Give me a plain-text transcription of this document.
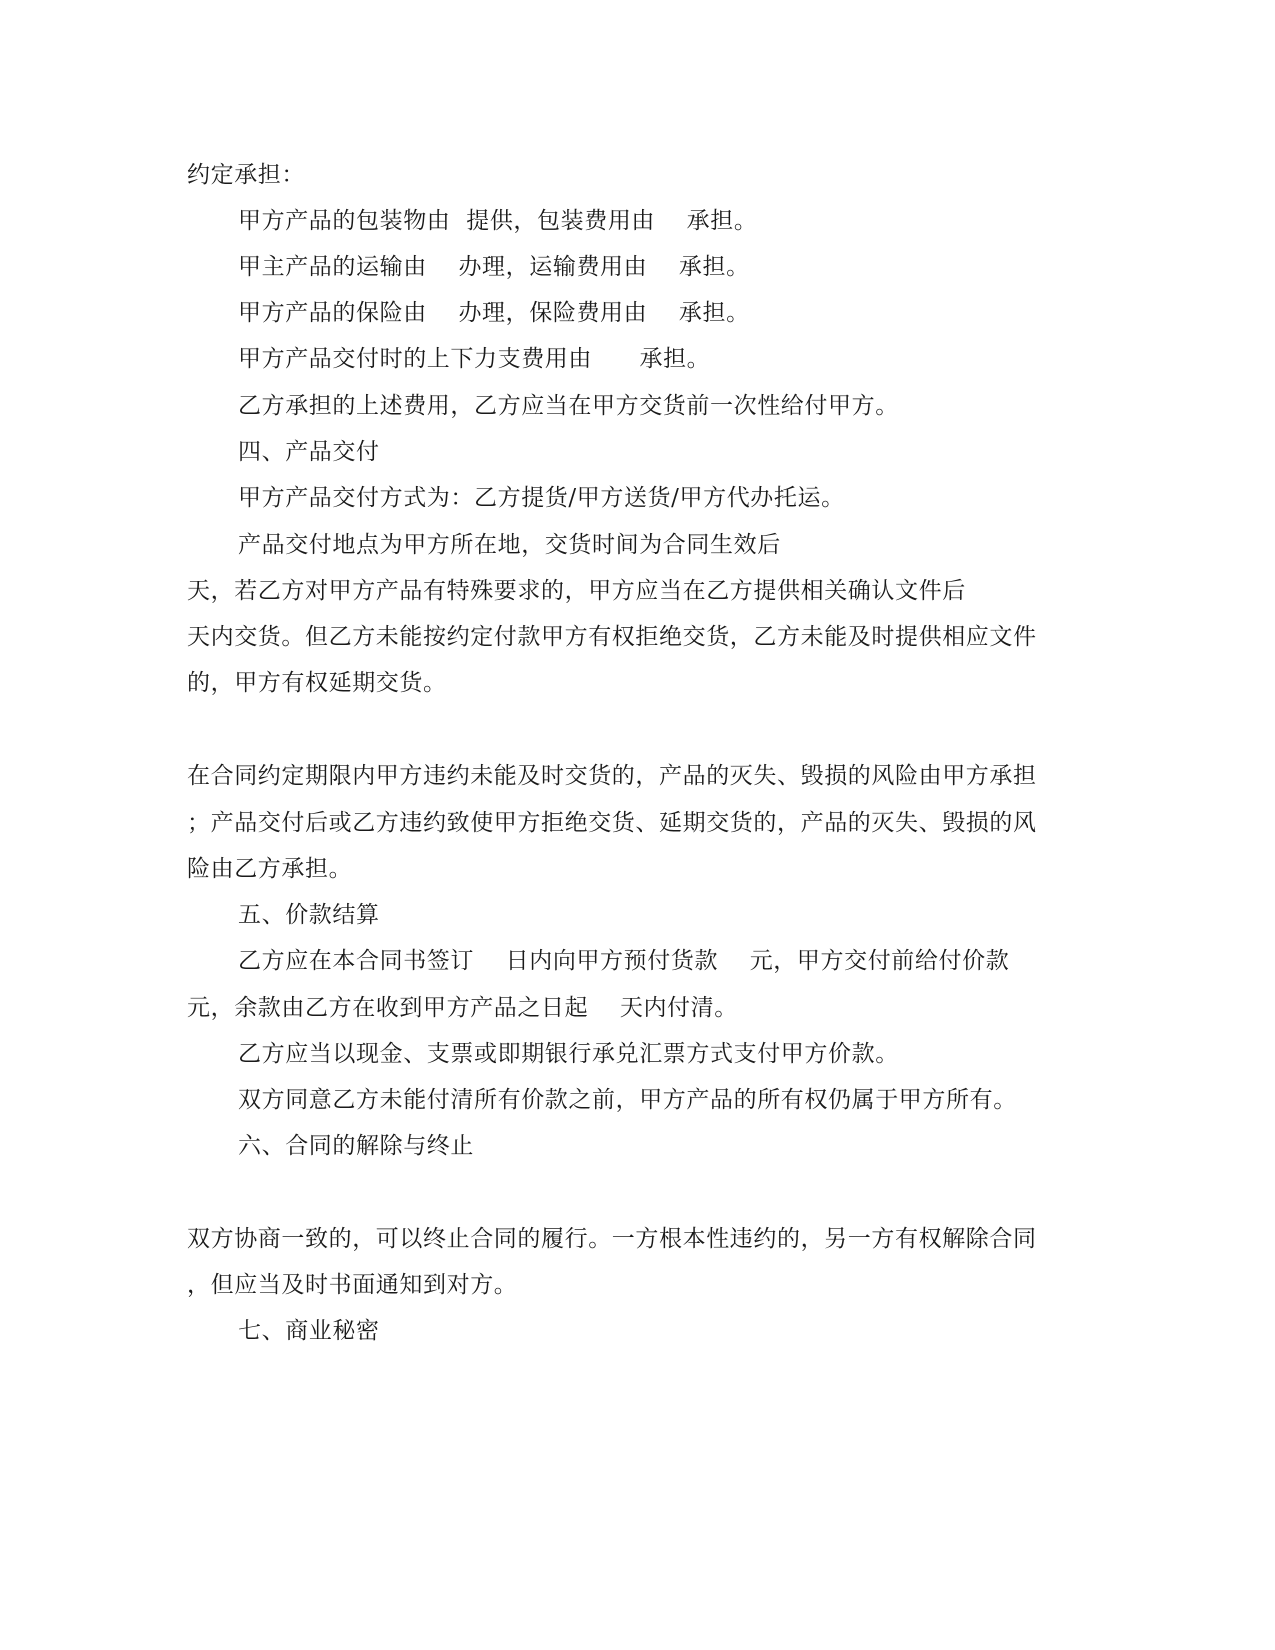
约定承担：
甲方产品的包装物由  提供，包装费用由    承担。
甲主产品的运输由    办理，运输费用由    承担。
甲方产品的保险由    办理，保险费用由    承担。
甲方产品交付时的上下力支费用由      承担。
乙方承担的上述费用，乙方应当在甲方交货前一次性给付甲方。
四、产品交付
甲方产品交付方式为：乙方提货/甲方送货/甲方代办托运。
产品交付地点为甲方所在地，交货时间为合同生效后
天，若乙方对甲方产品有特殊要求的，甲方应当在乙方提供相关确认文件后
天内交货。但乙方未能按约定付款甲方有权拒绝交货，乙方未能及时提供相应文件
的，甲方有权延期交货。
在合同约定期限内甲方违约未能及时交货的，产品的灭失、毁损的风险由甲方承担
；产品交付后或乙方违约致使甲方拒绝交货、延期交货的，产品的灭失、毁损的风
险由乙方承担。
五、价款结算
乙方应在本合同书签订    日内向甲方预付货款    元，甲方交付前给付价款
元，余款由乙方在收到甲方产品之日起    天内付清。
乙方应当以现金、支票或即期银行承兑汇票方式支付甲方价款。
双方同意乙方未能付清所有价款之前，甲方产品的所有权仍属于甲方所有。
六、合同的解除与终止
双方协商一致的，可以终止合同的履行。一方根本性违约的，另一方有权解除合同
，但应当及时书面通知到对方。
七、商业秘密
